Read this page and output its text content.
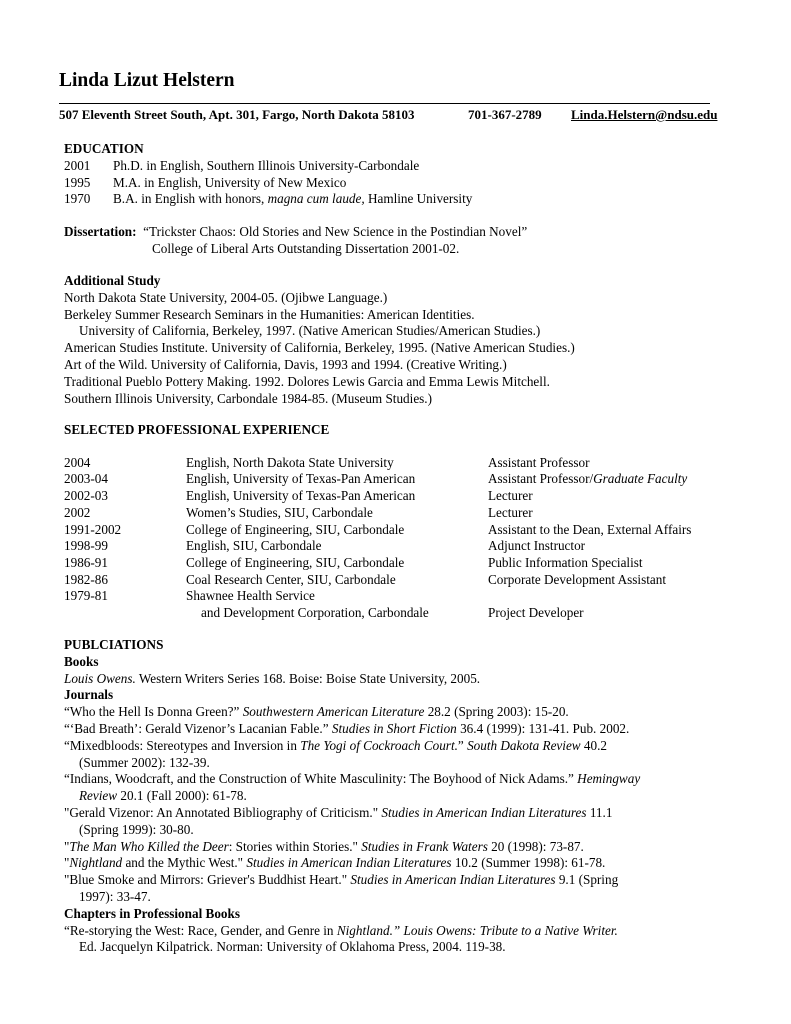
Linda Lizut Helstern
507 Eleventh Street South, Apt. 301, Fargo, North Dakota 58103	701-367-2789 Linda.Helstern@ndsu.edu
EDUCATION
2001 Ph.D. in English, Southern Illinois University-Carbondale
1995 M.A. in English, University of New Mexico
1970 B.A. in English with honors, magna cum laude, Hamline University
Dissertation: “Trickster Chaos: Old Stories and New Science in the Postindian Novel”
College of Liberal Arts Outstanding Dissertation 2001-02.
Additional Study
North Dakota State University, 2004-05. (Ojibwe Language.)
Berkeley Summer Research Seminars in the Humanities: American Identities.
University of California, Berkeley, 1997. (Native American Studies/American Studies.)
American Studies Institute. University of California, Berkeley, 1995. (Native American Studies.)
Art of the Wild. University of California, Davis, 1993 and 1994. (Creative Writing.)
Traditional Pueblo Pottery Making. 1992. Dolores Lewis Garcia and Emma Lewis Mitchell.
Southern Illinois University, Carbondale 1984-85. (Museum Studies.)
SELECTED PROFESSIONAL EXPERIENCE
2004	English, North Dakota State University	Assistant Professor
2003-04	English, University of Texas-Pan American	Assistant Professor/Graduate Faculty
2002-03	English, University of Texas-Pan American	Lecturer
2002	Women’s Studies, SIU, Carbondale	Lecturer
1991-2002	College of Engineering, SIU, Carbondale	Assistant to the Dean, External Affairs
1998-99	English, SIU, Carbondale	Adjunct Instructor
1986-91	College of Engineering, SIU, Carbondale	Public Information Specialist
1982-86	Coal Research Center, SIU, Carbondale	Corporate Development Assistant
1979-81	Shawnee Health Service
and Development Corporation, Carbondale	Project Developer
PUBLCIATIONS
Books
Louis Owens. Western Writers Series 168. Boise: Boise State University, 2005.
Journals
“Who the Hell Is Donna Green?” Southwestern American Literature 28.2 (Spring 2003): 15-20.
“‘Bad Breath’: Gerald Vizenor’s Lacanian Fable.” Studies in Short Fiction 36.4 (1999): 131-41. Pub. 2002.
“Mixedbloods: Stereotypes and Inversion in The Yogi of Cockroach Court.” South Dakota Review 40.2
(Summer 2002): 132-39.
“Indians, Woodcraft, and the Construction of White Masculinity: The Boyhood of Nick Adams.” Hemingway
Review 20.1 (Fall 2000): 61-78.
"Gerald Vizenor: An Annotated Bibliography of Criticism." Studies in American Indian Literatures 11.1
(Spring 1999): 30-80.
"The Man Who Killed the Deer: Stories within Stories." Studies in Frank Waters 20 (1998): 73-87.
"Nightland and the Mythic West." Studies in American Indian Literatures 10.2 (Summer 1998): 61-78.
"Blue Smoke and Mirrors: Griever's Buddhist Heart." Studies in American Indian Literatures 9.1 (Spring
1997): 33-47.
Chapters in Professional Books
“Re-storying the West: Race, Gender, and Genre in Nightland.” Louis Owens: Tribute to a Native Writer.
Ed. Jacquelyn Kilpatrick. Norman: University of Oklahoma Press, 2004. 119-38.
